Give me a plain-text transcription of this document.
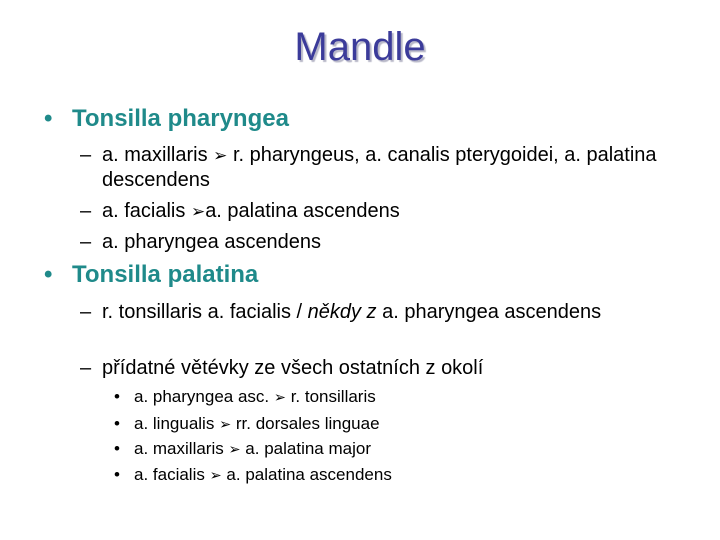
Mandle
• Tonsilla pharyngea
– a. maxillaris ➢ r. pharyngeus, a. canalis pterygoidei, a. palatina descendens
– a. facialis ➢a. palatina ascendens
– a. pharyngea ascendens
• Tonsilla palatina
– r. tonsillaris a. facialis / někdy z a. pharyngea ascendens
– přídatné větévky ze všech ostatních z okolí
• a. pharyngea asc. ➢ r. tonsillaris
• a. lingualis ➢ rr. dorsales linguae
• a. maxillaris ➢ a. palatina major
• a. facialis ➢ a. palatina ascendens
